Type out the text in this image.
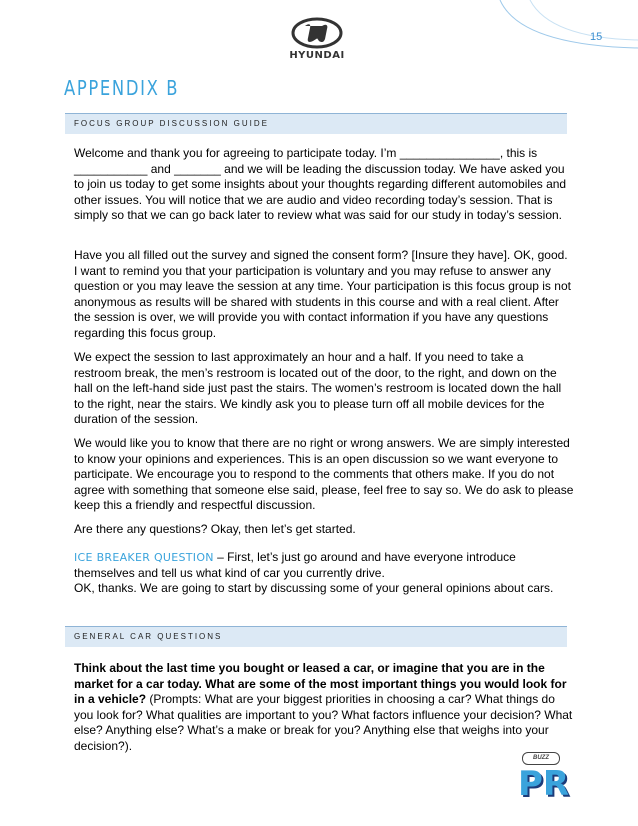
HYUNDAI
15
APPENDIX B
FOCUS GROUP DISCUSSION GUIDE

Welcome and thank you for agreeing to participate today. I’m _______________, this is ___________ and _______ and we will be leading the discussion today. We have asked you to join us today to get some insights about your thoughts regarding different automobiles and other issues. You will notice that we are audio and video recording today’s session. That is simply so that we can go back later to review what was said for our study in today’s session.

Have you all filled out the survey and signed the consent form? [Insure they have]. OK, good. I want to remind you that your participation is voluntary and you may refuse to answer any question or you may leave the session at any time. Your participation is this focus group is not anonymous as results will be shared with students in this course and with a real client. After the session is over, we will provide you with contact information if you have any questions regarding this focus group.

We expect the session to last approximately an hour and a half. If you need to take a restroom break, the men’s restroom is located out of the door, to the right, and down on the hall on the left-hand side just past the stairs. The women’s restroom is located down the hall to the right, near the stairs. We kindly ask you to please turn off all mobile devices for the duration of the session.

We would like you to know that there are no right or wrong answers. We are simply interested to know your opinions and experiences. This is an open discussion so we want everyone to participate. We encourage you to respond to the comments that others make. If you do not agree with something that someone else said, please, feel free to say so. We do ask to please keep this a friendly and respectful discussion.

Are there any questions? Okay, then let’s get started.

ICE BREAKER QUESTION – First, let’s just go around and have everyone introduce themselves and tell us what kind of car you currently drive.
OK, thanks. We are going to start by discussing some of your general opinions about cars.

GENERAL CAR QUESTIONS

Think about the last time you bought or leased a car, or imagine that you are in the market for a car today. What are some of the most important things you would look for in a vehicle? (Prompts: What are your biggest priorities in choosing a car? What things do you look for? What qualities are important to you? What factors influence your decision? What else? Anything else? What’s a make or break for you? Anything else that weighs into your decision?).

BUZZ
PR
